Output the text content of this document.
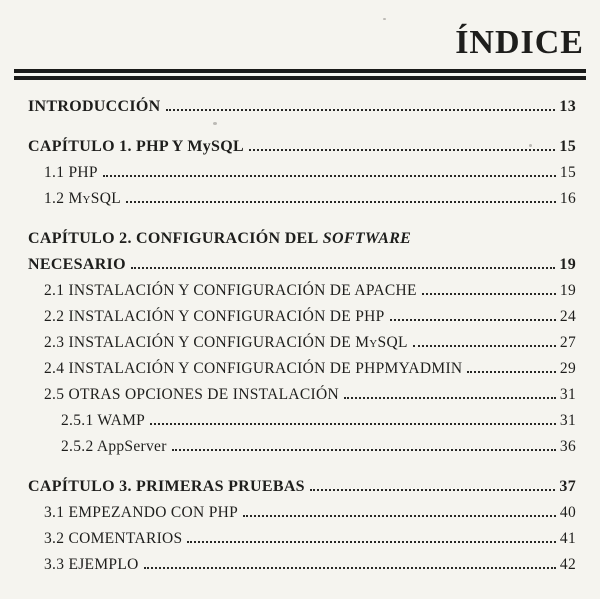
ÍNDICE
INTRODUCCIÓN	13
CAPÍTULO 1. PHP Y MySQL	15
1.1 PHP	15
1.2 MySQL	16
CAPÍTULO 2. CONFIGURACIÓN DEL SOFTWARE
NECESARIO	19
2.1 INSTALACIÓN Y CONFIGURACIÓN DE APACHE	19
2.2 INSTALACIÓN Y CONFIGURACIÓN DE PHP	24
2.3 INSTALACIÓN Y CONFIGURACIÓN DE MySQL	27
2.4 INSTALACIÓN Y CONFIGURACIÓN DE PHPMYADMIN	29
2.5 OTRAS OPCIONES DE INSTALACIÓN	31
2.5.1 WAMP	31
2.5.2 AppServer	36
CAPÍTULO 3. PRIMERAS PRUEBAS	37
3.1 EMPEZANDO CON PHP	40
3.2 COMENTARIOS	41
3.3 EJEMPLO	42
